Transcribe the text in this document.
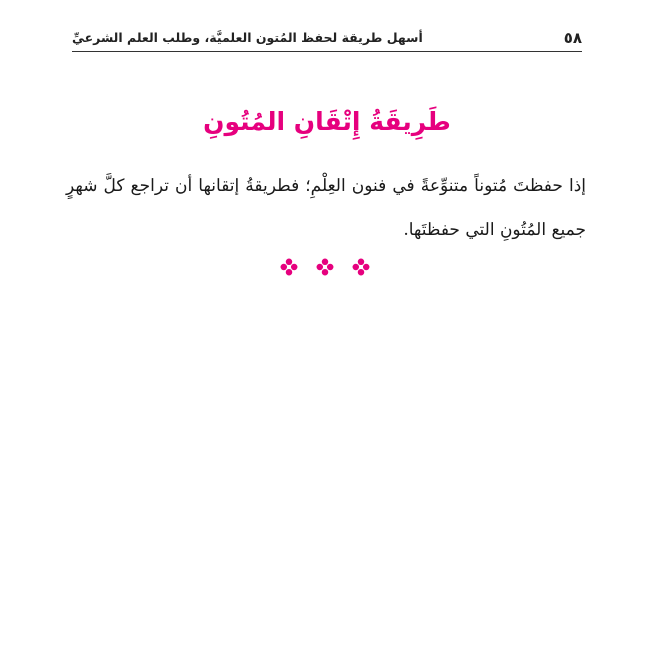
٥٨
أسهل طريقة لحفظ المُتون العلميَّة، وطلب العلم الشرعيِّ
طَرِيقَةُ إِتْقَانِ المُتُونِ
إذا حفظتَ مُتوناً متنوِّعةً في فنون العِلْمِ؛ فطريقةُ إتقانها أن تراجع كلَّ شهرٍ جميع المُتُونِ التي حفظتَها.
